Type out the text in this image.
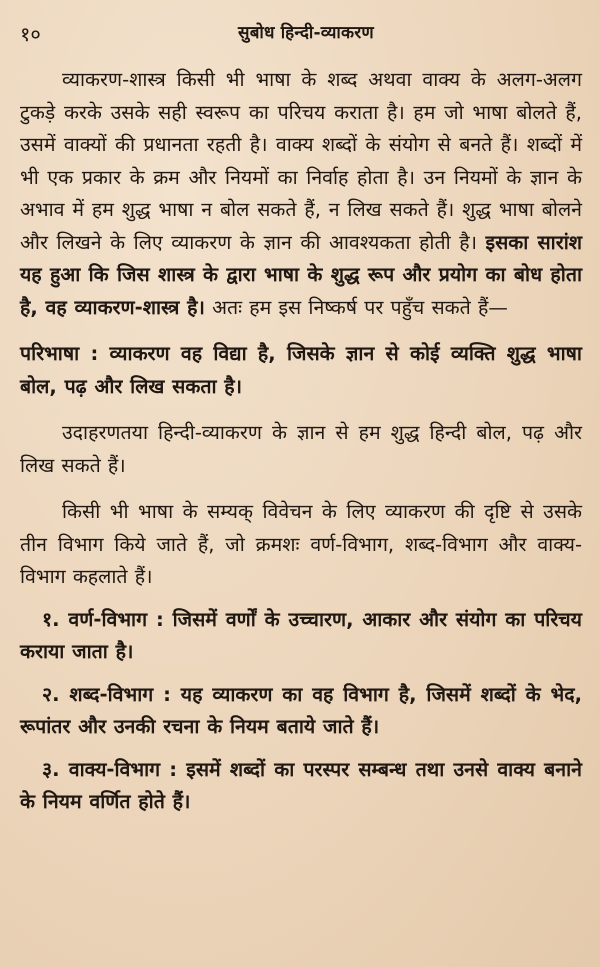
१०	सुबोध हिन्दी-व्याकरण

व्याकरण-शास्त्र किसी भी भाषा के शब्द अथवा वाक्य के अलग-अलग टुकड़े करके उसके सही स्वरूप का परिचय कराता है। हम जो भाषा बोलते हैं, उसमें वाक्यों की प्रधानता रहती है। वाक्य शब्दों के संयोग से बनते हैं। शब्दों में भी एक प्रकार के क्रम और नियमों का निर्वाह होता है। उन नियमों के ज्ञान के अभाव में हम शुद्ध भाषा न बोल सकते हैं, न लिख सकते हैं। शुद्ध भाषा बोलने और लिखने के लिए व्याकरण के ज्ञान की आवश्यकता होती है। इसका सारांश यह हुआ कि जिस शास्त्र के द्वारा भाषा के शुद्ध रूप और प्रयोग का बोध होता है, वह व्याकरण-शास्त्र है। अतः हम इस निष्कर्ष पर पहुँच सकते हैं—

परिभाषा : व्याकरण वह विद्या है, जिसके ज्ञान से कोई व्यक्ति शुद्ध भाषा बोल, पढ़ और लिख सकता है।

उदाहरणतया हिन्दी-व्याकरण के ज्ञान से हम शुद्ध हिन्दी बोल, पढ़ और लिख सकते हैं।

किसी भी भाषा के सम्यक् विवेचन के लिए व्याकरण की दृष्टि से उसके तीन विभाग किये जाते हैं, जो क्रमशः वर्ण-विभाग, शब्द-विभाग और वाक्य-विभाग कहलाते हैं।

१. वर्ण-विभाग : जिसमें वर्णों के उच्चारण, आकार और संयोग का परिचय कराया जाता है।

२. शब्द-विभाग : यह व्याकरण का वह विभाग है, जिसमें शब्दों के भेद, रूपांतर और उनकी रचना के नियम बताये जाते हैं।

३. वाक्य-विभाग : इसमें शब्दों का परस्पर सम्बन्ध तथा उनसे वाक्य बनाने के नियम वर्णित होते हैं।
